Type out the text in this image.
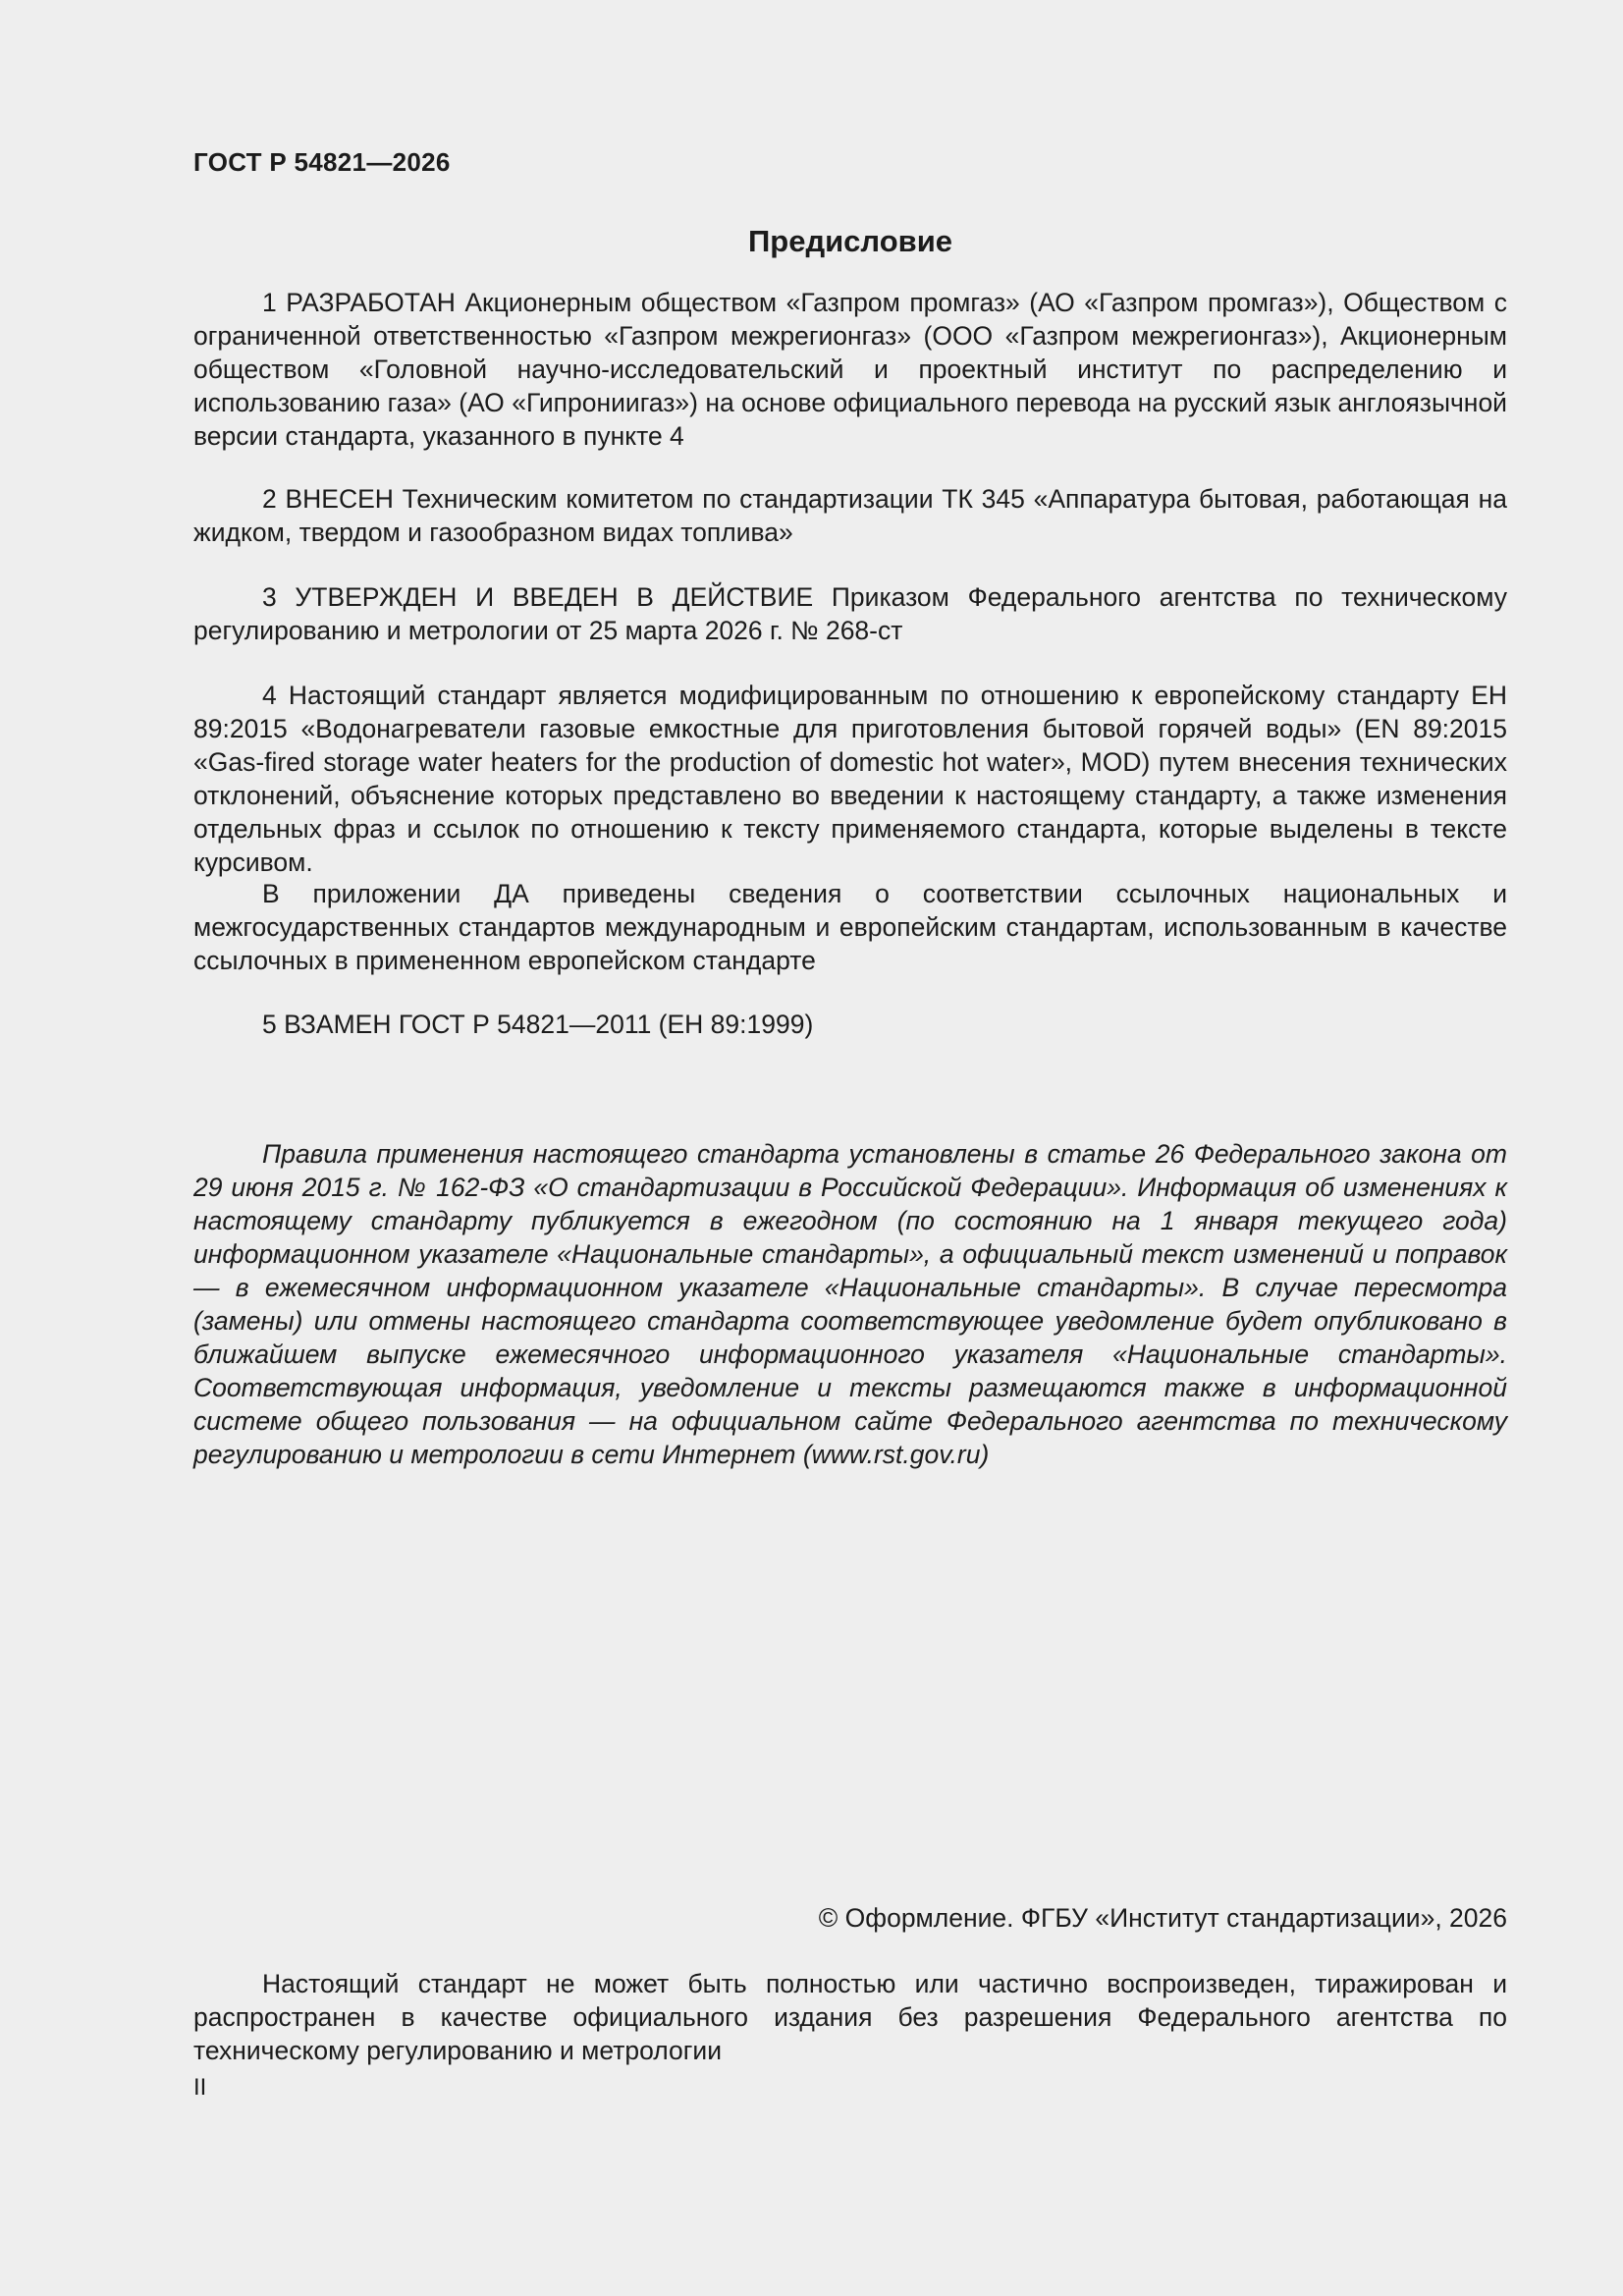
ГОСТ Р 54821—2026
Предисловие

1 РАЗРАБОТАН Акционерным обществом «Газпром промгаз» (АО «Газпром промгаз»), Обществом с ограниченной ответственностью «Газпром межрегионгаз» (ООО «Газпром межрегионгаз»), Акционерным обществом «Головной научно-исследовательский и проектный институт по распределению и использованию газа» (АО «Гипрониигаз») на основе официального перевода на русский язык англоязычной версии стандарта, указанного в пункте 4

2 ВНЕСЕН Техническим комитетом по стандартизации ТК 345 «Аппаратура бытовая, работающая на жидком, твердом и газообразном видах топлива»

3 УТВЕРЖДЕН И ВВЕДЕН В ДЕЙСТВИЕ Приказом Федерального агентства по техническому регулированию и метрологии от 25 марта 2026 г. № 268-ст

4 Настоящий стандарт является модифицированным по отношению к европейскому стандарту ЕН 89:2015 «Водонагреватели газовые емкостные для приготовления бытовой горячей воды» (EN 89:2015 «Gas-fired storage water heaters for the production of domestic hot water», MOD) путем внесения технических отклонений, объяснение которых представлено во введении к настоящему стандарту, а также изменения отдельных фраз и ссылок по отношению к тексту применяемого стандарта, которые выделены в тексте курсивом.

В приложении ДА приведены сведения о соответствии ссылочных национальных и межгосударственных стандартов международным и европейским стандартам, использованным в качестве ссылочных в примененном европейском стандарте

5 ВЗАМЕН ГОСТ Р 54821—2011 (ЕН 89:1999)

Правила применения настоящего стандарта установлены в статье 26 Федерального закона от 29 июня 2015 г. № 162-ФЗ «О стандартизации в Российской Федерации». Информация об изменениях к настоящему стандарту публикуется в ежегодном (по состоянию на 1 января текущего года) информационном указателе «Национальные стандарты», а официальный текст изменений и поправок — в ежемесячном информационном указателе «Национальные стандарты». В случае пересмотра (замены) или отмены настоящего стандарта соответствующее уведомление будет опубликовано в ближайшем выпуске ежемесячного информационного указателя «Национальные стандарты». Соответствующая информация, уведомление и тексты размещаются также в информационной системе общего пользования — на официальном сайте Федерального агентства по техническому регулированию и метрологии в сети Интернет (www.rst.gov.ru)

© Оформление. ФГБУ «Институт стандартизации», 2026

Настоящий стандарт не может быть полностью или частично воспроизведен, тиражирован и распространен в качестве официального издания без разрешения Федерального агентства по техническому регулированию и метрологии

II
